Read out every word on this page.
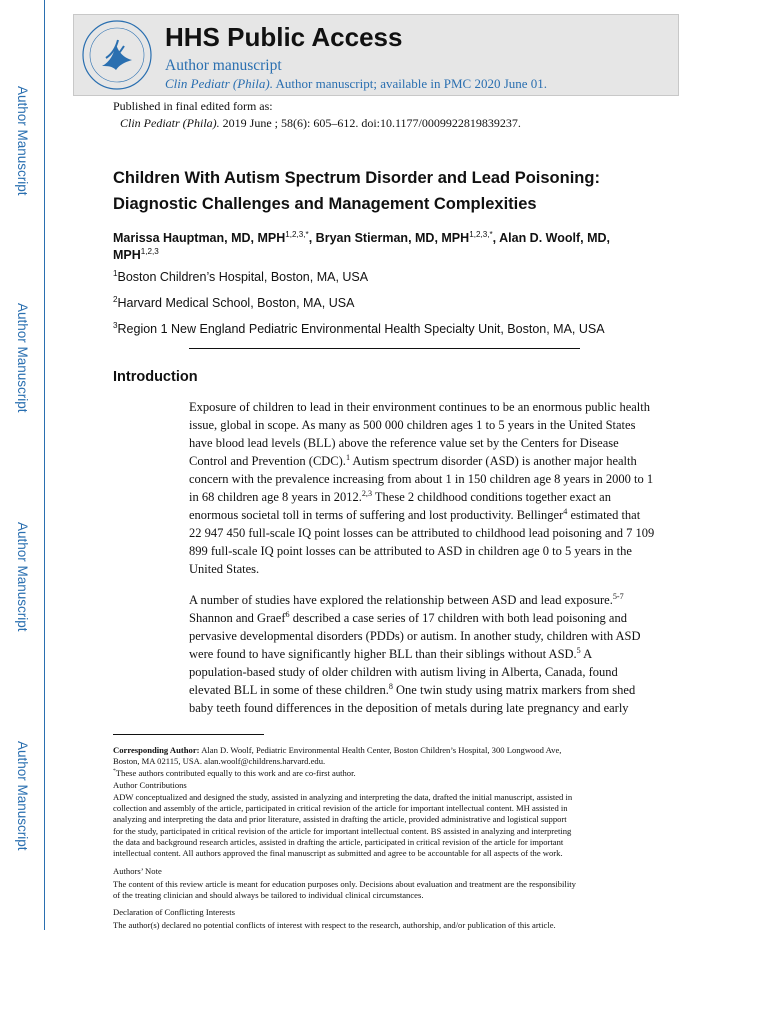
Author Manuscript
Author Manuscript
Author Manuscript
Author Manuscript
HHS Public Access
Author manuscript
Clin Pediatr (Phila). Author manuscript; available in PMC 2020 June 01.
Published in final edited form as:
Clin Pediatr (Phila). 2019 June ; 58(6): 605–612. doi:10.1177/0009922819839237.
Children With Autism Spectrum Disorder and Lead Poisoning:
Diagnostic Challenges and Management Complexities
Marissa Hauptman, MD, $MPH^{1,2,3,*}$, Bryan Stierman, MD, $MPH^{1,2,3,*}$, Alan D. Woolf, MD, MPH$^{1,2,3}$
$^1$Boston Children’s Hospital, Boston, MA, USA
$^2$Harvard Medical School, Boston, MA, USA
$^3$Region 1 New England Pediatric Environmental Health Specialty Unit, Boston, MA, USA
Introduction
Exposure of children to lead in their environment continues to be an enormous public health
issue, global in scope. As many as 500 000 children ages 1 to 5 years in the United States
have blood lead levels (BLL) above the reference value set by the Centers for Disease
Control and Prevention (CDC).$^1$ Autism spectrum disorder (ASD) is another major health
concern with the prevalence increasing from about 1 in 150 children age 8 years in 2000 to 1
in 68 children age 8 years in 2012.$^{2,3}$ These 2 childhood conditions together exact an
enormous societal toll in terms of suffering and lost productivity. Bellinger$^4$ estimated that
22 947 450 full-scale IQ point losses can be attributed to childhood lead poisoning and 7 109
899 full-scale IQ point losses can be attributed to ASD in children age 0 to 5 years in the
United States.
A number of studies have explored the relationship between ASD and lead exposure.$^{5-7}$
Shannon and Graef$^6$ described a case series of 17 children with both lead poisoning and
pervasive developmental disorders (PDDs) or autism. In another study, children with ASD
were found to have significantly higher BLL than their siblings without ASD.$^5$ A
population-based study of older children with autism living in Alberta, Canada, found
elevated BLL in some of these children.$^8$ One twin study using matrix markers from shed
baby teeth found differences in the deposition of metals during late pregnancy and early
Corresponding Author: Alan D. Woolf, Pediatric Environmental Health Center, Boston Children’s Hospital, 300 Longwood Ave,
Boston, MA 02115, USA. alan.woolf@childrens.harvard.edu.
*These authors contributed equally to this work and are co-first author.
Author Contributions
ADW conceptualized and designed the study, assisted in analyzing and interpreting the data, drafted the initial manuscript, assisted in
collection and assembly of the article, participated in critical revision of the article for important intellectual content. MH assisted in
analyzing and interpreting the data and prior literature, assisted in drafting the article, provided administrative and logistical support
for the study, participated in critical revision of the article for important intellectual content. BS assisted in analyzing and interpreting
the data and background research articles, assisted in drafting the article, participated in critical revision of the article for important
intellectual content. All authors approved the final manuscript as submitted and agree to be accountable for all aspects of the work.
Authors’ Note
The content of this review article is meant for education purposes only. Decisions about evaluation and treatment are the responsibility
of the treating clinician and should always be tailored to individual clinical circumstances.
Declaration of Conflicting Interests
The author(s) declared no potential conflicts of interest with respect to the research, authorship, and/or publication of this article.
